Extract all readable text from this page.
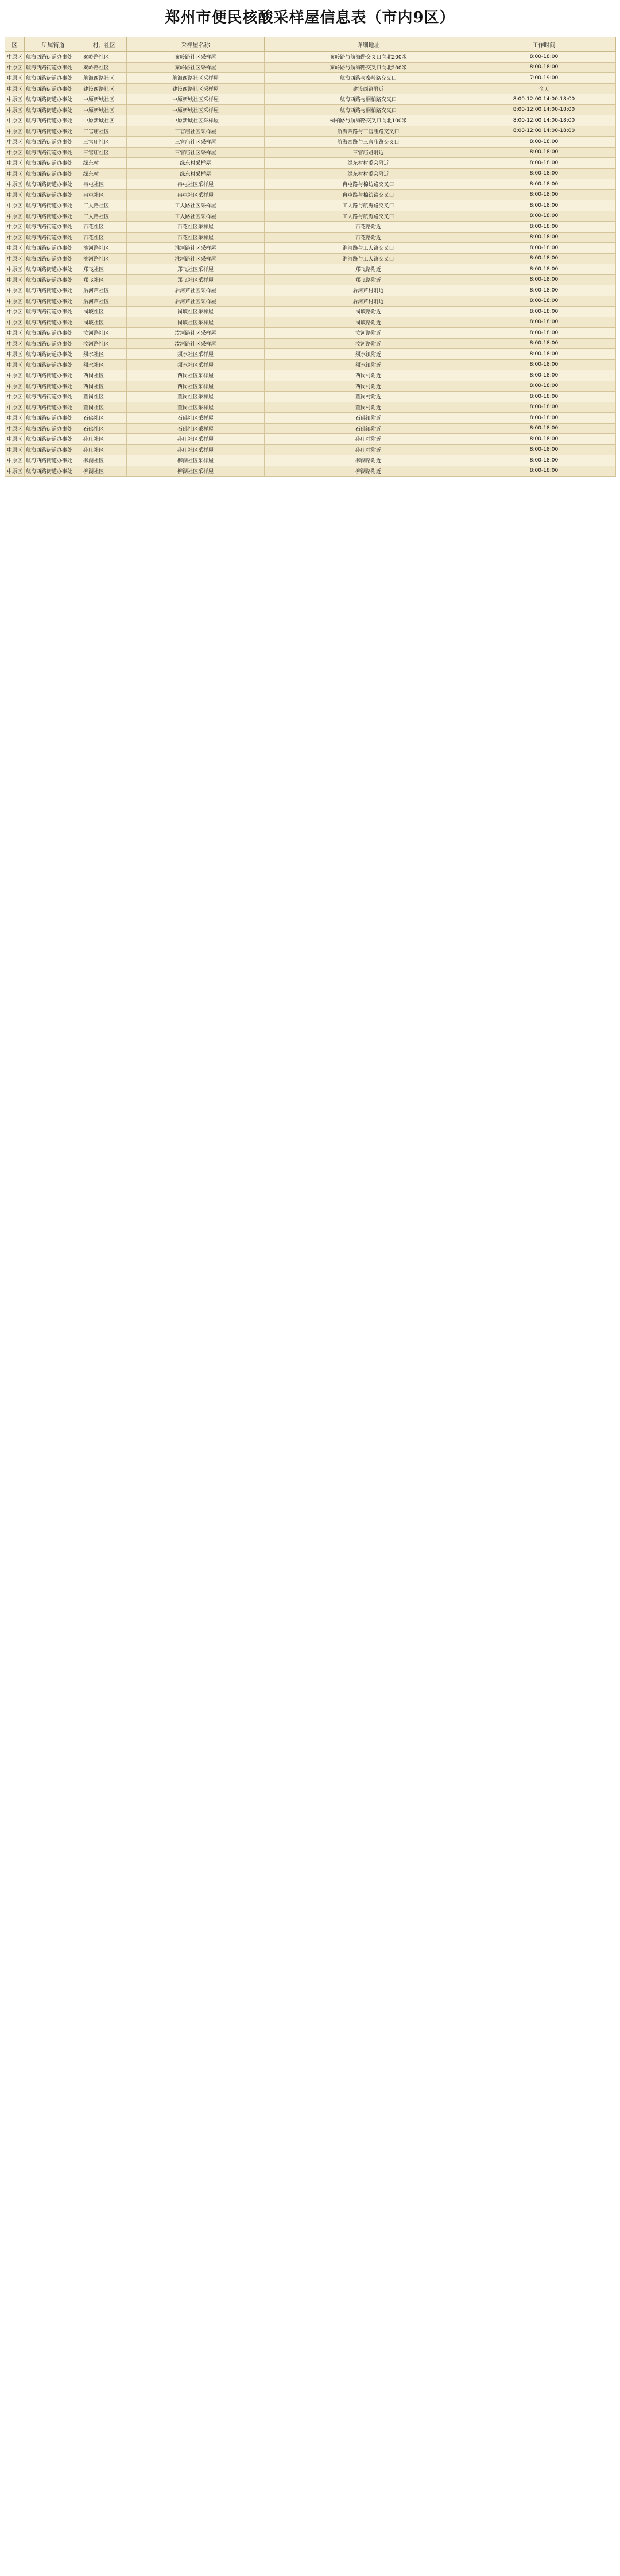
郑州市便民核酸采样屋信息表（市内9区）
区	所属街道	村、社区	采样屋名称	详细地址	工作时间
中原区	航海西路街道办事处	秦岭路社区	秦岭路社区采样屋	秦岭路与航海路交叉口向北200米	8:00-18:00
中原区	航海西路街道办事处	秦岭路社区	秦岭路社区采样屋	秦岭路与航海路交叉口向北200米	8:00-18:00
中原区	航海西路街道办事处	航海西路社区	航海西路社区采样屋	航海西路与秦岭路交叉口	7:00-19:00
中原区	航海西路街道办事处	建设西路社区	建设西路社区采样屋	建设西路附近	全天
中原区	航海西路街道办事处	中原新城社区	中原新城社区采样屋	航海西路与桐柏路交叉口	8:00-12:00 14:00-18:00
中原区	航海西路街道办事处	中原新城社区	中原新城社区采样屋	航海西路与桐柏路交叉口	8:00-12:00 14:00-18:00
中原区	航海西路街道办事处	中原新城社区	中原新城社区采样屋	桐柏路与航海路交叉口向北100米	8:00-12:00 14:00-18:00
中原区	航海西路街道办事处	三官庙社区	三官庙社区采样屋	航海西路与三官庙路交叉口	8:00-12:00 14:00-18:00
中原区	航海西路街道办事处	三官庙社区	三官庙社区采样屋	航海西路与三官庙路交叉口	8:00-18:00
中原区	航海西路街道办事处	三官庙社区	三官庙社区采样屋	三官庙路附近	8:00-18:00
中原区	航海西路街道办事处	绿东村	绿东村采样屋	绿东村村委会附近	8:00-18:00
中原区	航海西路街道办事处	绿东村	绿东村采样屋	绿东村村委会附近	8:00-18:00
中原区	航海西路街道办事处	冉屯社区	冉屯社区采样屋	冉屯路与棉纺路交叉口	8:00-18:00
中原区	航海西路街道办事处	冉屯社区	冉屯社区采样屋	冉屯路与棉纺路交叉口	8:00-18:00
中原区	航海西路街道办事处	工人路社区	工人路社区采样屋	工人路与航海路交叉口	8:00-18:00
中原区	航海西路街道办事处	工人路社区	工人路社区采样屋	工人路与航海路交叉口	8:00-18:00
中原区	航海西路街道办事处	百花社区	百花社区采样屋	百花路附近	8:00-18:00
中原区	航海西路街道办事处	百花社区	百花社区采样屋	百花路附近	8:00-18:00
中原区	航海西路街道办事处	淮河路社区	淮河路社区采样屋	淮河路与工人路交叉口	8:00-18:00
中原区	航海西路街道办事处	淮河路社区	淮河路社区采样屋	淮河路与工人路交叉口	8:00-18:00
中原区	航海西路街道办事处	郑飞社区	郑飞社区采样屋	郑飞路附近	8:00-18:00
中原区	航海西路街道办事处	郑飞社区	郑飞社区采样屋	郑飞路附近	8:00-18:00
中原区	航海西路街道办事处	后河芦社区	后河芦社区采样屋	后河芦村附近	8:00-18:00
中原区	航海西路街道办事处	后河芦社区	后河芦社区采样屋	后河芦村附近	8:00-18:00
中原区	航海西路街道办事处	岗坡社区	岗坡社区采样屋	岗坡路附近	8:00-18:00
中原区	航海西路街道办事处	岗坡社区	岗坡社区采样屋	岗坡路附近	8:00-18:00
中原区	航海西路街道办事处	汝河路社区	汝河路社区采样屋	汝河路附近	8:00-18:00
中原区	航海西路街道办事处	汝河路社区	汝河路社区采样屋	汝河路附近	8:00-18:00
中原区	航海西路街道办事处	须水社区	须水社区采样屋	须水镇附近	8:00-18:00
中原区	航海西路街道办事处	须水社区	须水社区采样屋	须水镇附近	8:00-18:00
中原区	航海西路街道办事处	西岗社区	西岗社区采样屋	西岗村附近	8:00-18:00
中原区	航海西路街道办事处	西岗社区	西岗社区采样屋	西岗村附近	8:00-18:00
中原区	航海西路街道办事处	董岗社区	董岗社区采样屋	董岗村附近	8:00-18:00
中原区	航海西路街道办事处	董岗社区	董岗社区采样屋	董岗村附近	8:00-18:00
中原区	航海西路街道办事处	石佛社区	石佛社区采样屋	石佛镇附近	8:00-18:00
中原区	航海西路街道办事处	石佛社区	石佛社区采样屋	石佛镇附近	8:00-18:00
中原区	航海西路街道办事处	孙庄社区	孙庄社区采样屋	孙庄村附近	8:00-18:00
中原区	航海西路街道办事处	孙庄社区	孙庄社区采样屋	孙庄村附近	8:00-18:00
中原区	航海西路街道办事处	柳湖社区	柳湖社区采样屋	柳湖路附近	8:00-18:00
中原区	航海西路街道办事处	柳湖社区	柳湖社区采样屋	柳湖路附近	8:00-18:00
